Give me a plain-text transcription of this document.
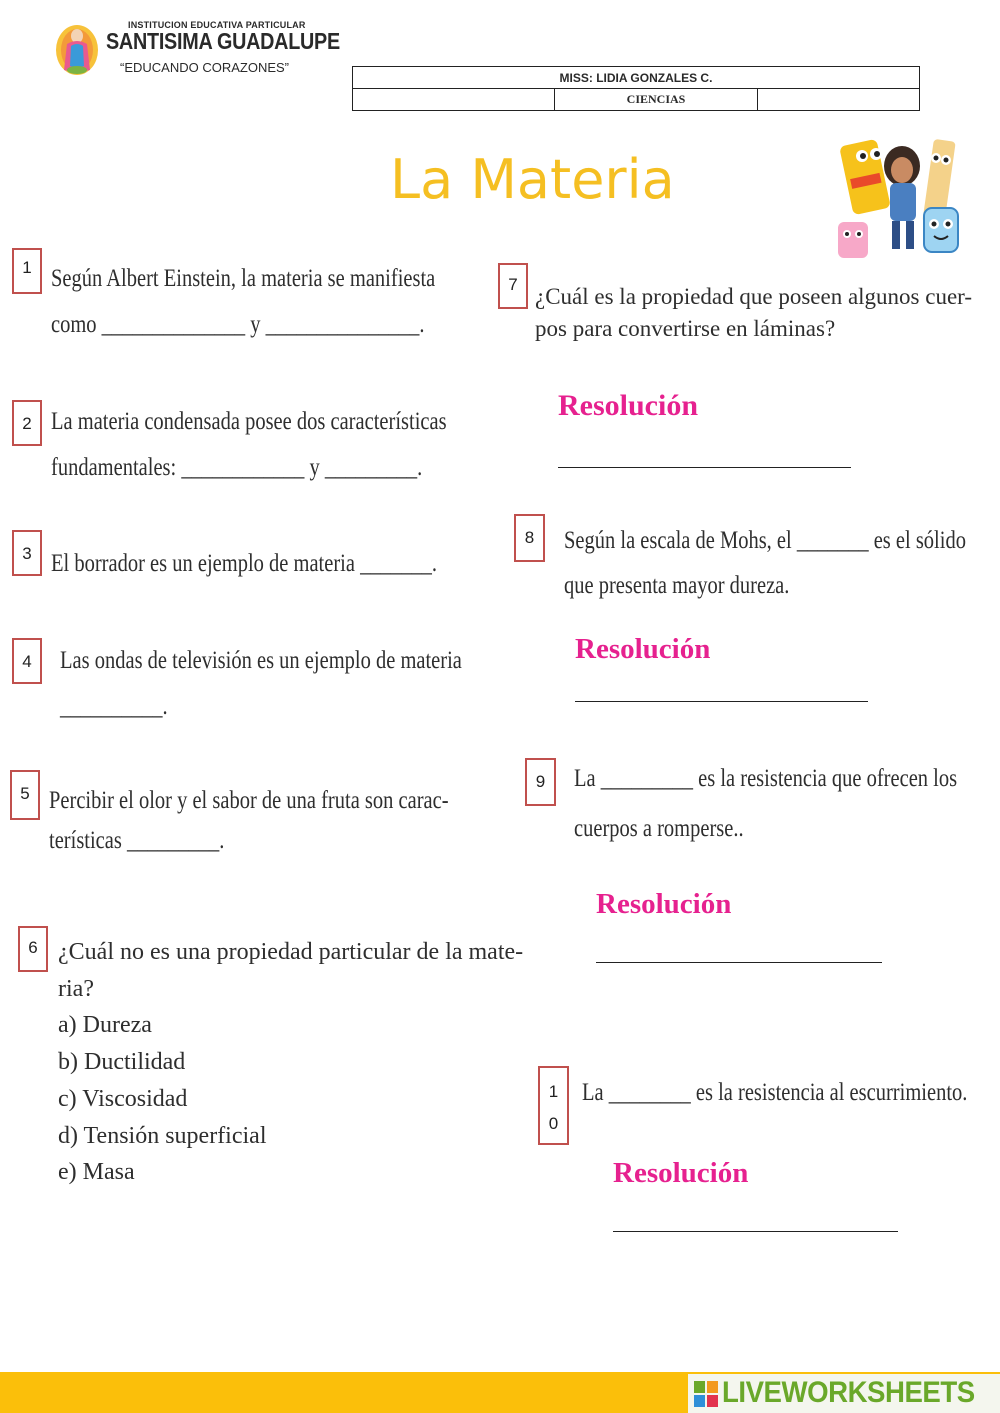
INSTITUCION EDUCATIVA PARTICULAR
SANTISIMA GUADALUPE
“EDUCANDO CORAZONES”
MISS: LIDIA GONZALES C.
	CIENCIAS	
La Materia
1 Según Albert Einstein, la materia se manifiesta
como ______________ y _______________.
2 La materia condensada posee dos características
fundamentales: ____________ y _________.
3 El borrador es un ejemplo de materia _______.
4	Las ondas de televisión es un ejemplo de materia
__________.
5 Percibir el olor y el sabor de una fruta son carac-
terísticas _________.
6 ¿Cuál no es una propiedad particular de la mate-
ria?
a) Dureza
b) Ductilidad
c) Viscosidad
d) Tensión superficial
e) Masa
7 ¿Cuál es la propiedad que poseen algunos cuer-
pos para convertirse en láminas?
Resolución
8	Según la escala de Mohs, el _______ es el sólido
que presenta mayor dureza.
Resolución
9	La _________ es la resistencia que ofrecen los
cuerpos a romperse..
Resolución
1
0
La ________ es la resistencia al escurrimiento.
Resolución
LIVEWORKSHEETS
